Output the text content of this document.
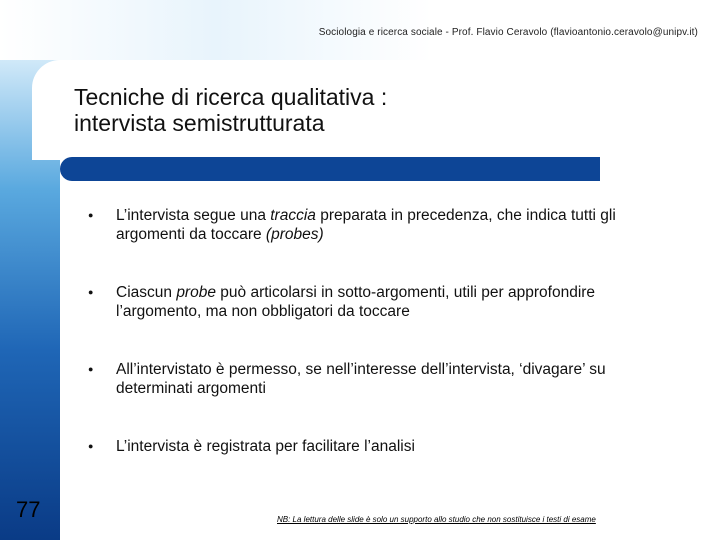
Sociologia e ricerca sociale - Prof. Flavio Ceravolo (flavioantonio.ceravolo@unipv.it)
Tecniche di ricerca qualitativa :
intervista semistrutturata
●	L’intervista segue una traccia preparata in precedenza, che indica tutti gli argomenti da toccare (probes)
●	Ciascun probe può articolarsi in sotto-argomenti, utili per approfondire l’argomento, ma non obbligatori da toccare
●	All’intervistato è permesso, se nell’interesse dell’intervista, ‘divagare’ su determinati argomenti
●	L’intervista è registrata per facilitare l’analisi
77	NB: La lettura delle slide è solo un supporto allo studio che non sostituisce i testi di esame
